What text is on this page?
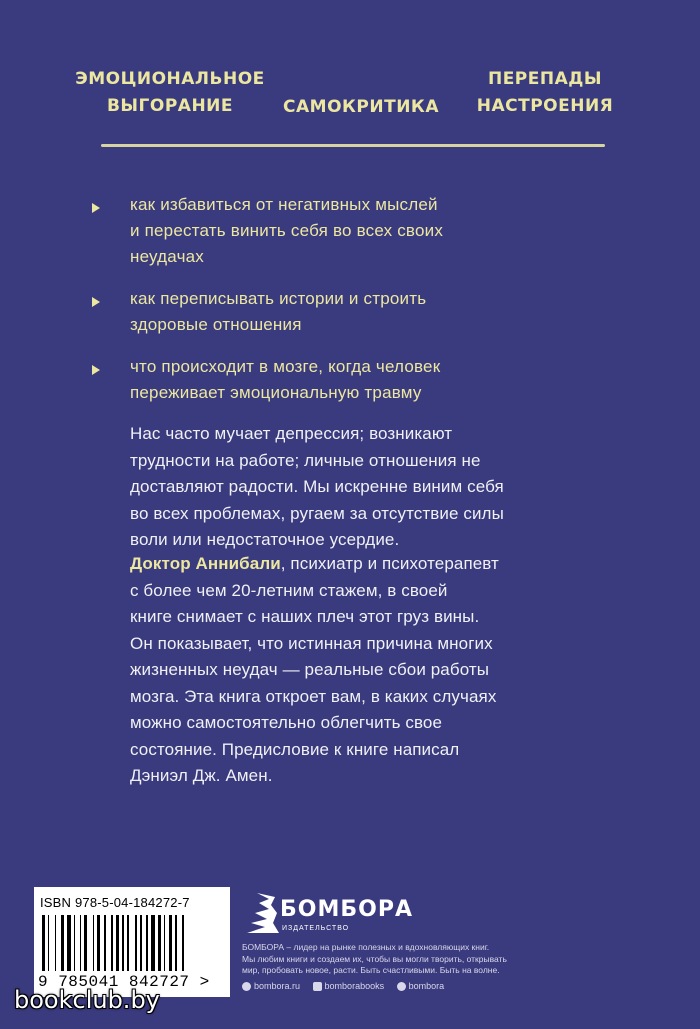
ЭМОЦИОНАЛЬНОЕ
ВЫГОРАНИЕ	САМОКРИТИКА
ПЕРЕПАДЫ
НАСТРОЕНИЯ
как избавиться от негативных мыслей
и перестать винить себя во всех своих
неудачах
как переписывать истории и строить
здоровые отношения
что происходит в мозге, когда человек
переживает эмоциональную травму
Нас часто мучает депрессия; возникают
трудности на работе; личные отношения не
доставляют радости. Мы искренне виним себя
во всех проблемах, ругаем за отсутствие силы
воли или недостаточное усердие.
Доктор Аннибали, психиатр и психотерапевт
с более чем 20-летним стажем, в своей
книге снимает с наших плеч этот груз вины.
Он показывает, что истинная причина многих
жизненных неудач — реальные сбои работы
мозга. Эта книга откроет вам, в каких случаях
можно самостоятельно облегчить свое
состояние. Предисловие к книге написал
Дэниэл Дж. Амен.
ISBN 978-5-04-184272-7
9 785041 842727 >
БОМБОРА
ИЗДАТЕЛЬСТВО
БОМБОРА – лидер на рынке полезных и вдохновляющих книг.
Мы любим книги и создаем их, чтобы вы могли творить, открывать
мир, пробовать новое, расти. Быть счастливыми. Быть на волне.
bombora.ru	bomborabooks	bombora
bookclub.by
